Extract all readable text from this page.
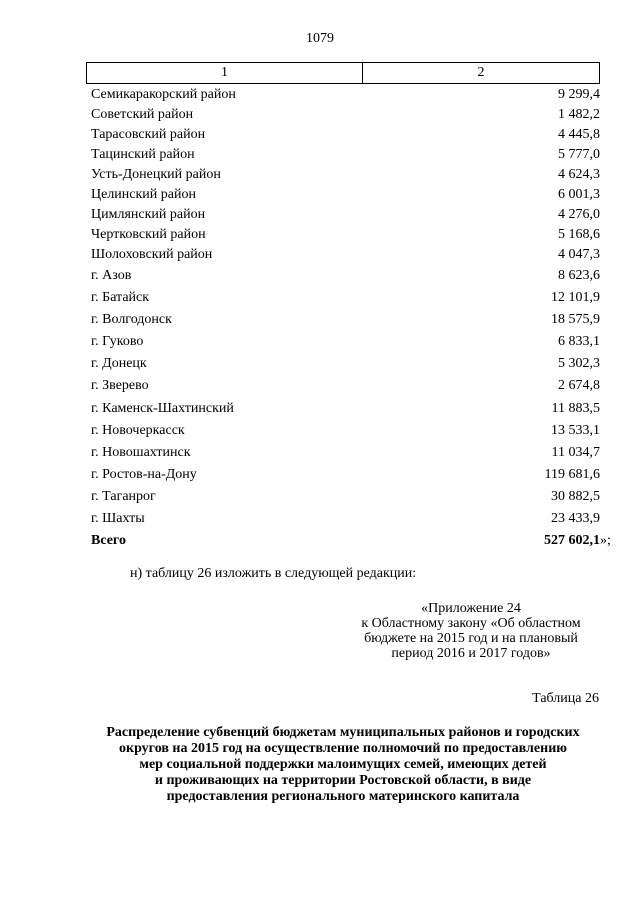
1079
1	2
Семикаракорский район	9 299,4
Советский район	1 482,2
Тарасовский район	4 445,8
Тацинский район	5 777,0
Усть-Донецкий район	4 624,3
Целинский район	6 001,3
Цимлянский район	4 276,0
Чертковский район	5 168,6
Шолоховский район	4 047,3
г. Азов	8 623,6
г. Батайск	12 101,9
г. Волгодонск	18 575,9
г. Гуково	6 833,1
г. Донецк	5 302,3
г. Зверево	2 674,8
г. Каменск-Шахтинский	11 883,5
г. Новочеркасск	13 533,1
г. Новошахтинск	11 034,7
г. Ростов-на-Дону	119 681,6
г. Таганрог	30 882,5
г. Шахты	23 433,9
Всего	527 602,1 »;
н) таблицу 26 изложить в следующей редакции:
«Приложение 24
к Областному закону «Об областном
бюджете на 2015 год и на плановый
период 2016 и 2017 годов»
Таблица 26
Распределение субвенций бюджетам муниципальных районов и городских
округов на 2015 год на осуществление полномочий по предоставлению
мер социальной поддержки малоимущих семей, имеющих детей
и проживающих на территории Ростовской области, в виде
предоставления регионального материнского капитала
